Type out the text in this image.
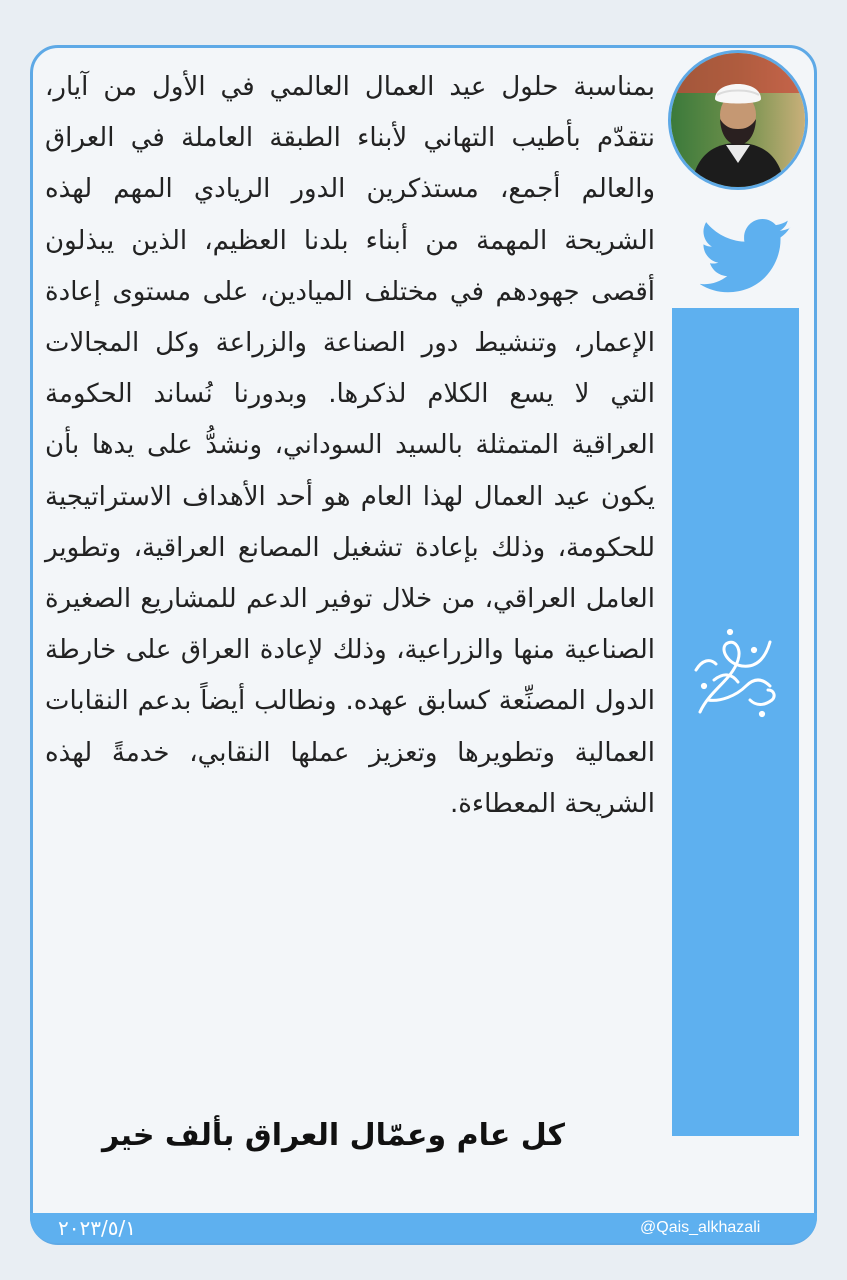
بمناسبة حلول عيد العمال العالمي في الأول من آيار، نتقدّم بأطيب التهاني لأبناء الطبقة العاملة في العراق والعالم أجمع، مستذكرين الدور الريادي المهم لهذه الشريحة المهمة من أبناء بلدنا العظيم، الذين يبذلون أقصى جهودهم في مختلف الميادين، على مستوى إعادة الإعمار، وتنشيط دور الصناعة والزراعة وكل المجالات التي لا يسع الكلام لذكرها. وبدورنا نُساند الحكومة العراقية المتمثلة بالسيد السوداني، ونشدُّ على يدها بأن يكون عيد العمال لهذا العام هو أحد الأهداف الاستراتيجية للحكومة، وذلك بإعادة تشغيل المصانع العراقية، وتطوير العامل العراقي، من خلال توفير الدعم للمشاريع الصغيرة الصناعية منها والزراعية، وذلك لإعادة العراق على خارطة الدول المصنِّعة كسابق عهده. ونطالب أيضاً بدعم النقابات العمالية وتطويرها وتعزيز عملها النقابي، خدمةً لهذه الشريحة المعطاءة.

كل عام وعمّال العراق بألف خير
٢٠٢٣/٥/١	@Qais_alkhazali
